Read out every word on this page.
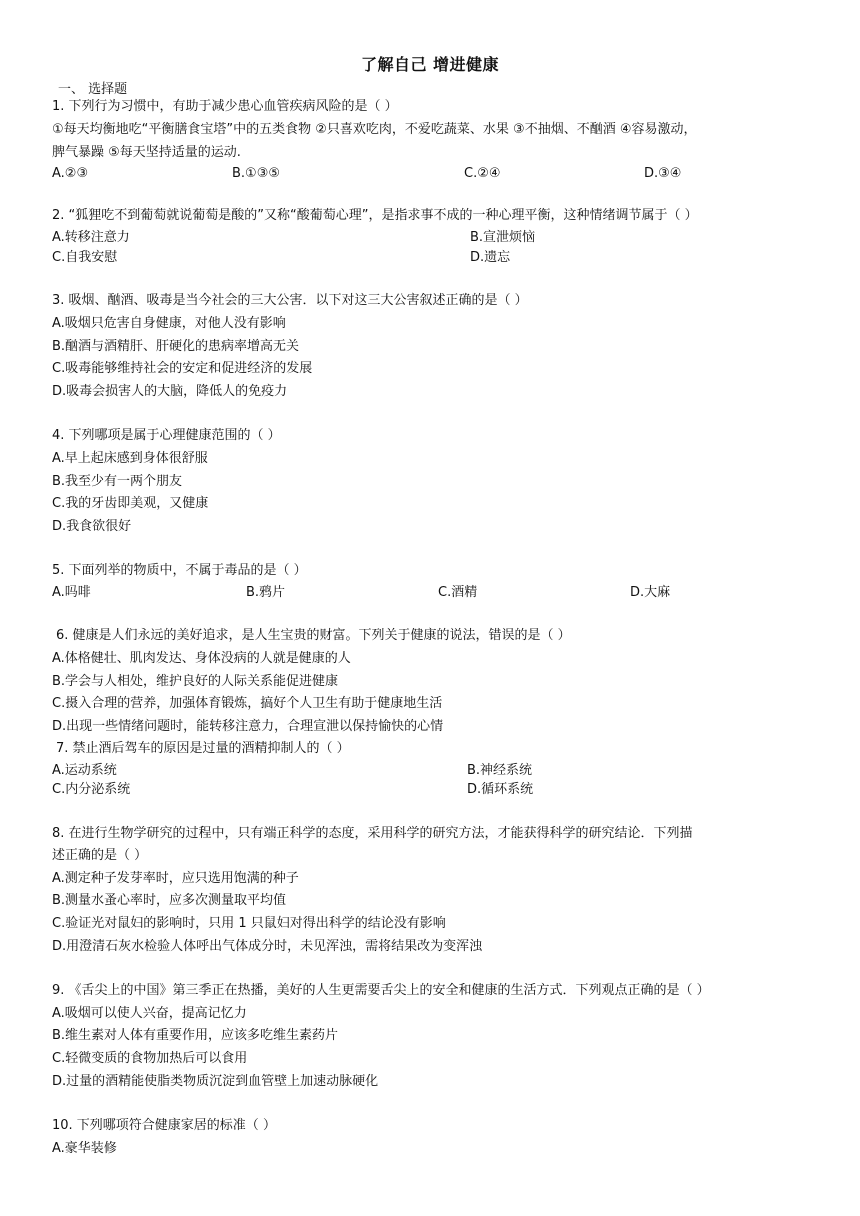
了解自己 增进健康
一、 选择题
1. 下列行为习惯中，有助于减少患心血管疾病风险的是（ ）
①每天均衡地吃“平衡膳食宝塔”中的五类食物 ②只喜欢吃肉，不爱吃蔬菜、水果 ③不抽烟、不酗酒 ④容易激动，
脾气暴躁 ⑤每天坚持适量的运动.
A.②③	B.①③⑤	C.②④	D.③④
2. “狐狸吃不到葡萄就说葡萄是酸的”又称“酸葡萄心理”，是指求事不成的一种心理平衡，这种情绪调节属于（ ）
A.转移注意力	B.宣泄烦恼
C.自我安慰	D.遗忘
3. 吸烟、酗酒、吸毒是当今社会的三大公害．以下对这三大公害叙述正确的是（ ）
A.吸烟只危害自身健康，对他人没有影响
B.酗酒与酒精肝、肝硬化的患病率增高无关
C.吸毒能够维持社会的安定和促进经济的发展
D.吸毒会损害人的大脑，降低人的免疫力
4. 下列哪项是属于心理健康范围的（ ）
A.早上起床感到身体很舒服
B.我至少有一两个朋友
C.我的牙齿即美观，又健康
D.我食欲很好
5. 下面列举的物质中，不属于毒品的是（ ）
A.吗啡	B.鸦片	C.酒精	D.大麻
6. 健康是人们永远的美好追求，是人生宝贵的财富。下列关于健康的说法，错误的是（ ）
A.体格健壮、肌肉发达、身体没病的人就是健康的人
B.学会与人相处，维护良好的人际关系能促进健康
C.摄入合理的营养，加强体育锻炼，搞好个人卫生有助于健康地生活
D.出现一些情绪问题时，能转移注意力，合理宣泄以保持愉快的心情
7. 禁止酒后驾车的原因是过量的酒精抑制人的（ ）
A.运动系统	B.神经系统
C.内分泌系统	D.循环系统
8. 在进行生物学研究的过程中，只有端正科学的态度，采用科学的研究方法，才能获得科学的研究结论．下列描
述正确的是（ ）
A.测定种子发芽率时，应只选用饱满的种子
B.测量水蚤心率时，应多次测量取平均值
C.验证光对鼠妇的影响时，只用 1 只鼠妇对得出科学的结论没有影响
D.用澄清石灰水检验人体呼出气体成分时，未见浑浊，需将结果改为变浑浊
9. 《舌尖上的中国》第三季正在热播，美好的人生更需要舌尖上的安全和健康的生活方式．下列观点正确的是（ ）
A.吸烟可以使人兴奋，提高记忆力
B.维生素对人体有重要作用，应该多吃维生素药片
C.轻微变质的食物加热后可以食用
D.过量的酒精能使脂类物质沉淀到血管壁上加速动脉硬化
10. 下列哪项符合健康家居的标准（ ）
A.豪华装修
